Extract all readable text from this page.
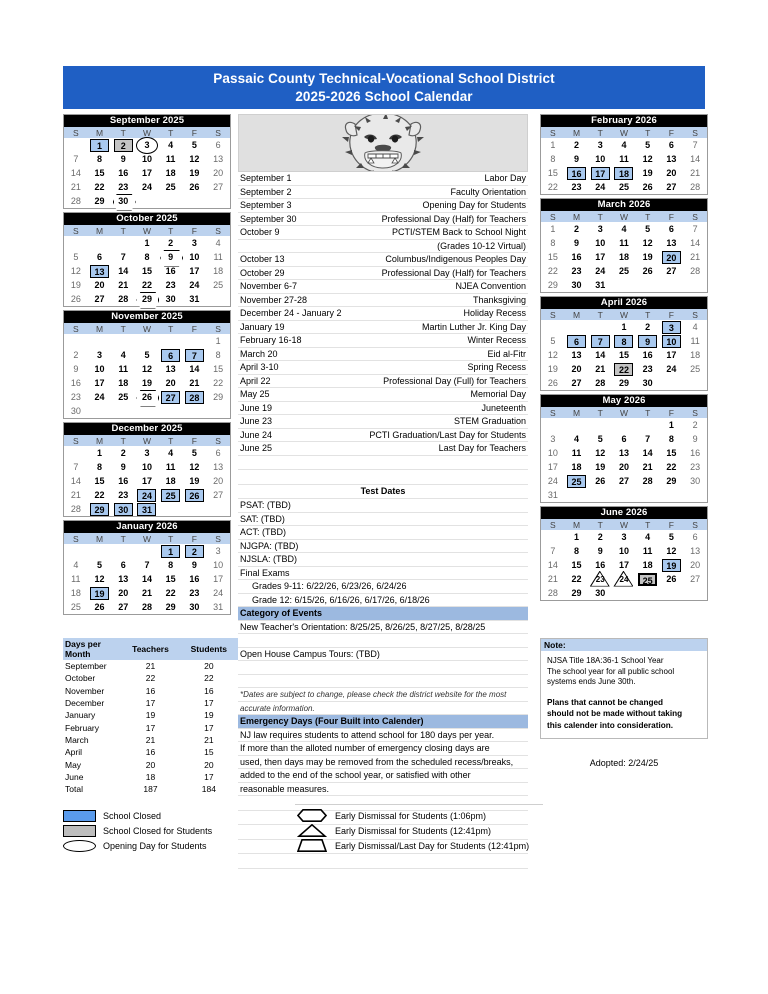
Passaic County Technical-Vocational School District
2025-2026 School Calendar
September 2025
S	M	T	W	T	F	S
	1	2	3	4	5	6
7	8	9	10	11	12	13
14	15	16	17	18	19	20
21	22	23	24	25	26	27
28	29	30				
October 2025
S	M	T	W	T	F	S
			1	2	3	4
5	6	7	8	9	10	11
12	13	14	15	16	17	18
19	20	21	22	23	24	25
26	27	28	29	30	31	
November 2025
S	M	T	W	T	F	S
						1
2	3	4	5	6	7	8
9	10	11	12	13	14	15
16	17	18	19	20	21	22
23	24	25	26	27	28	29
30						
December 2025
S	M	T	W	T	F	S
	1	2	3	4	5	6
7	8	9	10	11	12	13
14	15	16	17	18	19	20
21	22	23	24	25	26	27
28	29	30	31			
January 2026
S	M	T	W	T	F	S
				1	2	3
4	5	6	7	8	9	10
11	12	13	14	15	16	17
18	19	20	21	22	23	24
25	26	27	28	29	30	31
February 2026
S	M	T	W	T	F	S
1	2	3	4	5	6	7
8	9	10	11	12	13	14
15	16	17	18	19	20	21
22	23	24	25	26	27	28
March 2026
S	M	T	W	T	F	S
1	2	3	4	5	6	7
8	9	10	11	12	13	14
15	16	17	18	19	20	21
22	23	24	25	26	27	28
29	30	31				
April 2026
S	M	T	W	T	F	S
			1	2	3	4
5	6	7	8	9	10	11
12	13	14	15	16	17	18
19	20	21	22	23	24	25
26	27	28	29	30		
May 2026
S	M	T	W	T	F	S
					1	2
3	4	5	6	7	8	9
10	11	12	13	14	15	16
17	18	19	20	21	22	23
24	25	26	27	28	29	30
31						
June 2026
S	M	T	W	T	F	S
	1	2	3	4	5	6
7	8	9	10	11	12	13
14	15	16	17	18	19	20
21	22	23	24	25	26	27
28	29	30				
September 1	Labor Day
September 2	Faculty Orientation
September 3	Opening Day for Students
September 30	Professional Day (Half) for Teachers
October 9	PCTI/STEM Back to School Night
(Grades 10-12 Virtual)
October 13	Columbus/Indigenous Peoples Day
October 29	Professional Day (Half) for Teachers
November 6-7	NJEA Convention
November 27-28	Thanksgiving
December 24 - January 2	Holiday Recess
January 19	Martin Luther Jr. King Day
February 16-18	Winter Recess
March 20	Eid al-Fitr
April 3-10	Spring Recess
April 22	Professional Day (Full) for Teachers
May 25	Memorial Day
June 19	Juneteenth
June 23	STEM Graduation
June 24	PCTI Graduation/Last Day for Students
June 25	Last Day for Teachers
Test Dates
PSAT: (TBD)
SAT: (TBD)
ACT: (TBD)
NJGPA: (TBD)
NJSLA: (TBD)
Final Exams
Grades 9-11: 6/22/26, 6/23/26, 6/24/26
Grade 12: 6/15/26, 6/16/26, 6/17/26, 6/18/26
Category of Events
New Teacher's Orientation: 8/25/25, 8/26/25, 8/27/25, 8/28/25
Open House Campus Tours: (TBD)
*Dates are subject to change, please check the district website for the most
accurate information.
Emergency Days (Four Built into Calender)
NJ law requires students to attend school for 180 days per year.
If more than the alloted number of emergency closing days are
used, then days may be removed from the scheduled recess/breaks,
added to the end of the school year, or satisfied with other
reasonable measures.
Days per Month	Teachers	Students
September	21	20
October	22	22
November	16	16
December	17	17
January	19	19
February	17	17
March	21	21
April	16	15
May	20	20
June	18	17
Total	187	184
Note:
NJSA Title 18A:36-1 School Year
The school year for all public school
systems ends June 30th.
Plans that cannot be changed
should not be made without taking
this calender into consideration.
Adopted: 2/24/25
School Closed
School Closed for Students
Opening Day for Students
Early Dismissal for Students (1:06pm)
Early Dismissal for Students (12:41pm)
Early Dismissal/Last Day for Students (12:41pm)
